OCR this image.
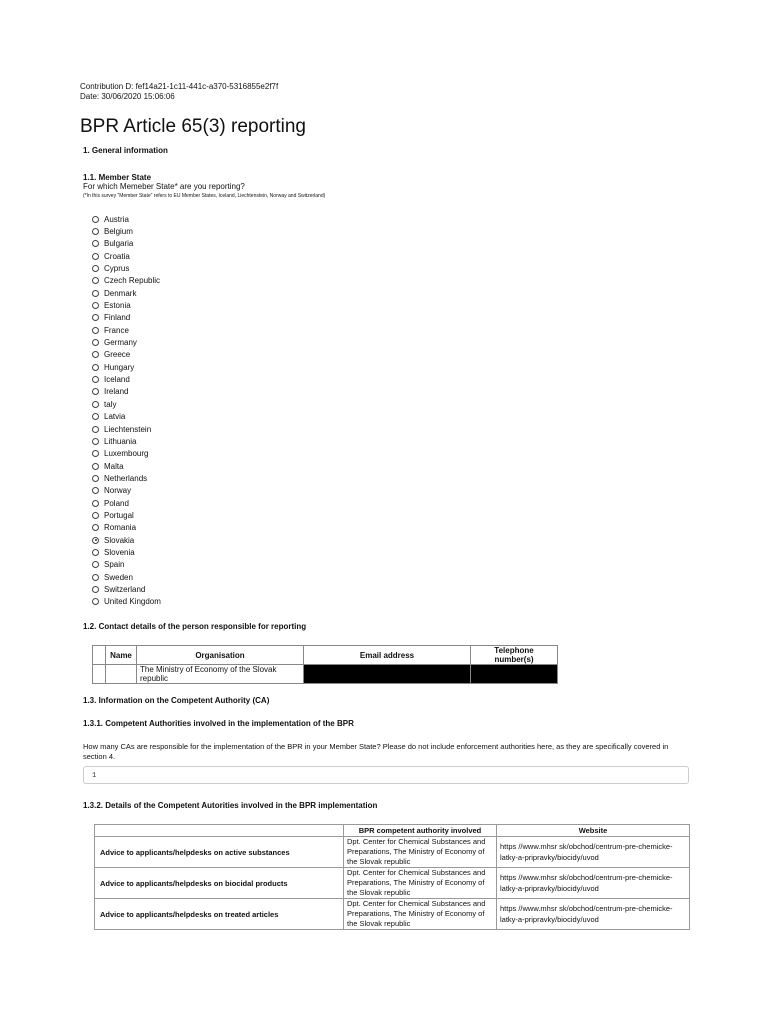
Contribution D: fef14a21-1c11-441c-a370-5316855e2f7f
Date: 30/06/2020 15:06:06
BPR Article 65(3) reporting
1. General information
1.1. Member State
For which Memeber State* are you reporting?
(*In this survey "Member State" refers to EU Member States, Iceland, Liechtenstein, Norway and Switzerland)
Austria
Belgium
Bulgaria
Croatia
Cyprus
Czech Republic
Denmark
Estonia
Finland
France
Germany
Greece
Hungary
Iceland
Ireland
taly
Latvia
Liechtenstein
Lithuania
Luxembourg
Malta
Netherlands
Norway
Poland
Portugal
Romania
Slovakia
Slovenia
Spain
Sweden
Switzerland
United Kingdom
1.2. Contact details of the person responsible for reporting
	Name	Organisation	Email address	Telephone number(s)
		The Ministry of Economy of the Slovak republic		
1.3. Information on the Competent Authority (CA)
1.3.1. Competent Authorities involved in the implementation of the BPR
How many CAs are responsible for the implementation of the BPR in your Member State? Please do not include enforcement authorities here, as they are specifically covered in section 4.
1
1.3.2. Details of the Competent Autorities involved in the BPR implementation
	BPR competent authority involved	Website
Advice to applicants/helpdesks on active substances	Dpt. Center for Chemical Substances and Preparations, The Ministry of Economy of the Slovak republic	https //www.mhsr sk/obchod/centrum-pre-chemicke-latky-a-pripravky/biocidy/uvod
Advice to applicants/helpdesks on biocidal products	Dpt. Center for Chemical Substances and Preparations, The Ministry of Economy of the Slovak republic	https //www.mhsr sk/obchod/centrum-pre-chemicke-latky-a-pripravky/biocidy/uvod
Advice to applicants/helpdesks on treated articles	Dpt. Center for Chemical Substances and Preparations, The Ministry of Economy of the Slovak republic	https //www.mhsr sk/obchod/centrum-pre-chemicke-latky-a-pripravky/biocidy/uvod
